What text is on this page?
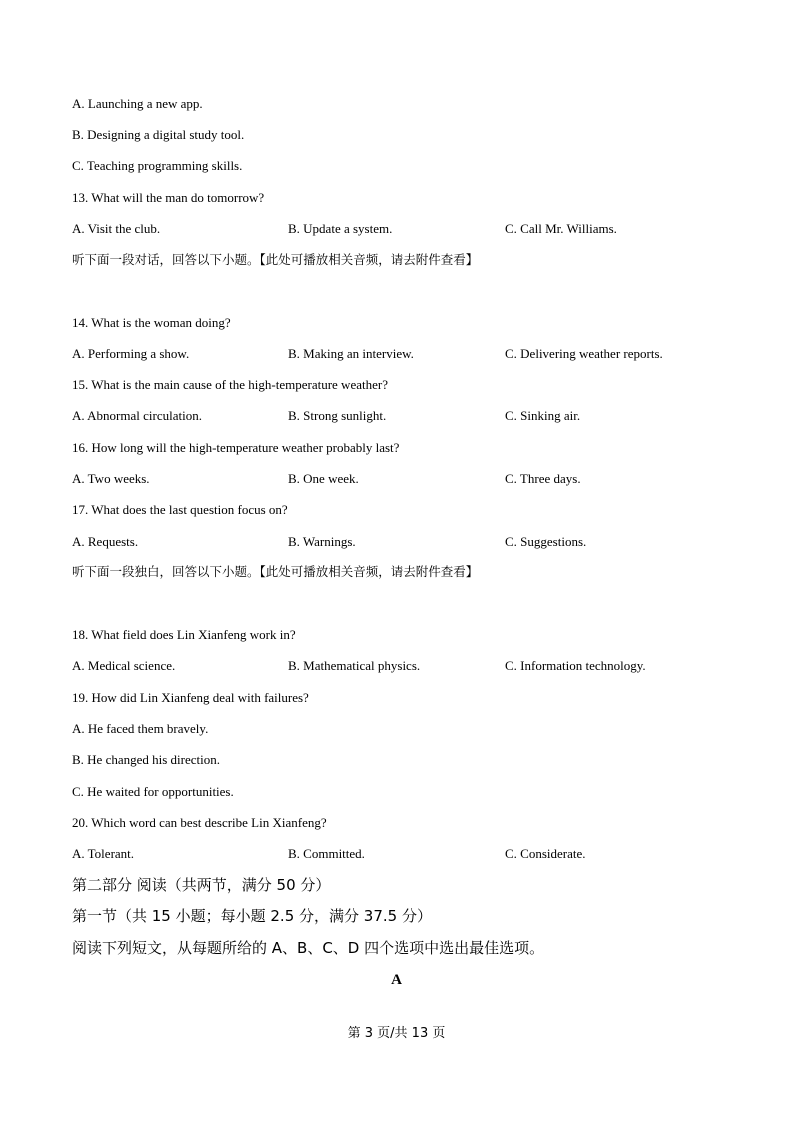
A. Launching a new app.
B. Designing a digital study tool.
C. Teaching programming skills.
13. What will the man do tomorrow?
A. Visit the club.	B. Update a system.	C. Call Mr. Williams.
听下面一段对话，回答以下小题。【此处可播放相关音频，请去附件查看】
14. What is the woman doing?
A. Performing a show.	B. Making an interview.	C. Delivering weather reports.
15. What is the main cause of the high-temperature weather?
A. Abnormal circulation.	B. Strong sunlight.	C. Sinking air.
16. How long will the high-temperature weather probably last?
A. Two weeks.	B. One week.	C. Three days.
17. What does the last question focus on?
A. Requests.	B. Warnings.	C. Suggestions.
听下面一段独白，回答以下小题。【此处可播放相关音频，请去附件查看】
18. What field does Lin Xianfeng work in?
A. Medical science.	B. Mathematical physics.	C. Information technology.
19. How did Lin Xianfeng deal with failures?
A. He faced them bravely.
B. He changed his direction.
C. He waited for opportunities.
20. Which word can best describe Lin Xianfeng?
A. Tolerant.	B. Committed.	C. Considerate.
第二部分 阅读（共两节，满分 50 分）
第一节（共 15 小题；每小题 2.5 分，满分 37.5 分）
阅读下列短文，从每题所给的 A、B、C、D 四个选项中选出最佳选项。
A
第 3 页/共 13 页
